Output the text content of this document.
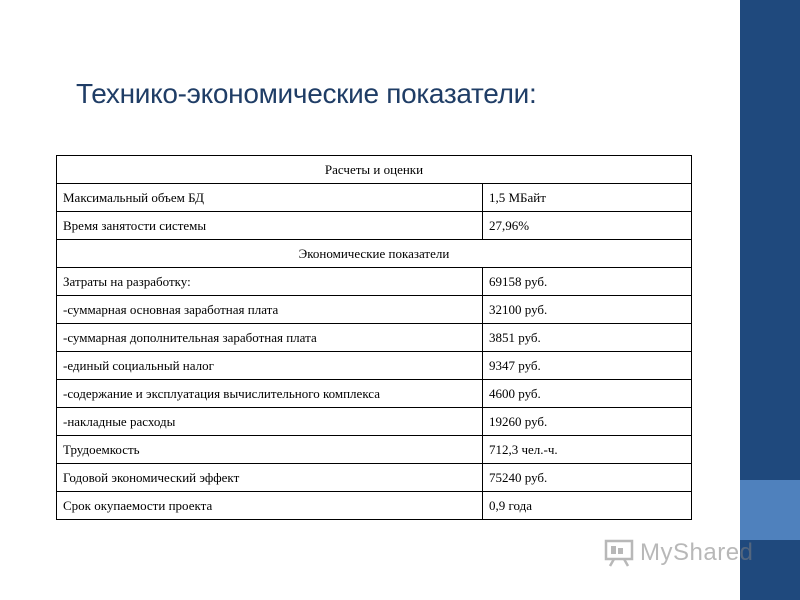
Технико-экономические показатели:
Расчеты и оценки	
Максимальный объем БД	1,5 МБайт
Время занятости системы	27,96%
Экономические показатели	
Затраты на разработку:	69158 руб.
-суммарная основная заработная плата	32100 руб.
-суммарная дополнительная заработная плата	3851 руб.
-единый социальный налог	9347 руб.
-содержание и эксплуатация вычислительного комплекса	4600 руб.
-накладные расходы	19260 руб.
Трудоемкость	712,3 чел.-ч.
Годовой экономический эффект	75240 руб.
Срок окупаемости проекта	0,9 года
MyShared
